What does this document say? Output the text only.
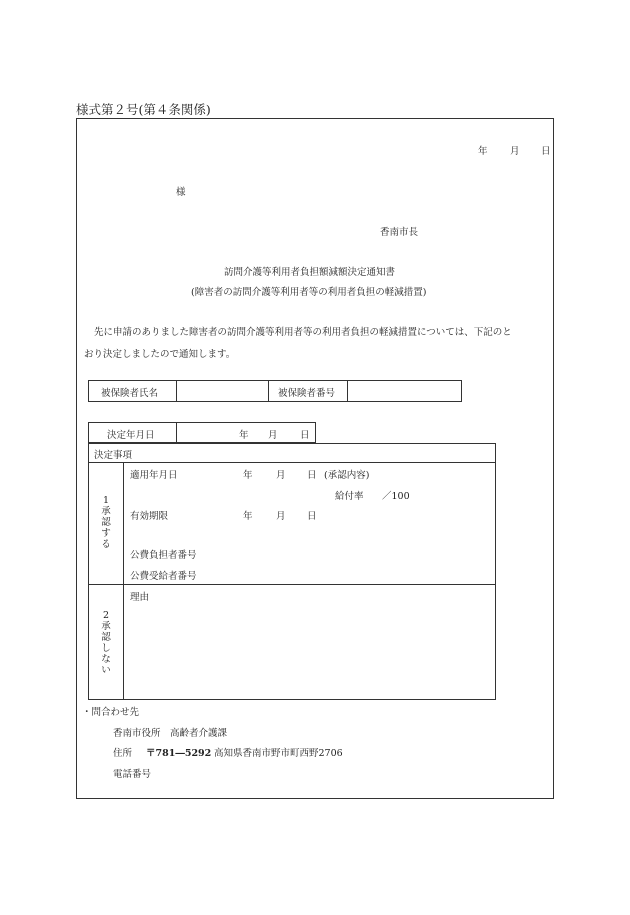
様式第２号(第４条関係)
年 月 日
様
香南市長
訪問介護等利用者負担額減額決定通知書
(障害者の訪問介護等利用者等の利用者負担の軽減措置)
先に申請のありました障害者の訪問介護等利用者等の利用者負担の軽減措置については、下記のと
おり決定しましたので通知します。
被保険者氏名	被保険者番号
決定年月日	年 月 日
決定事項
1
承
認
す
る
適用年月日	年 月 日 (承認内容)
給付率 ／100
有効期限	年 月 日
公費負担者番号
公費受給者番号
2
承
認
し
な
い
理由
・問合わせ先
香南市役所　高齢者介護課
住所 〒781―5292 高知県香南市野市町西野2706
電話番号
